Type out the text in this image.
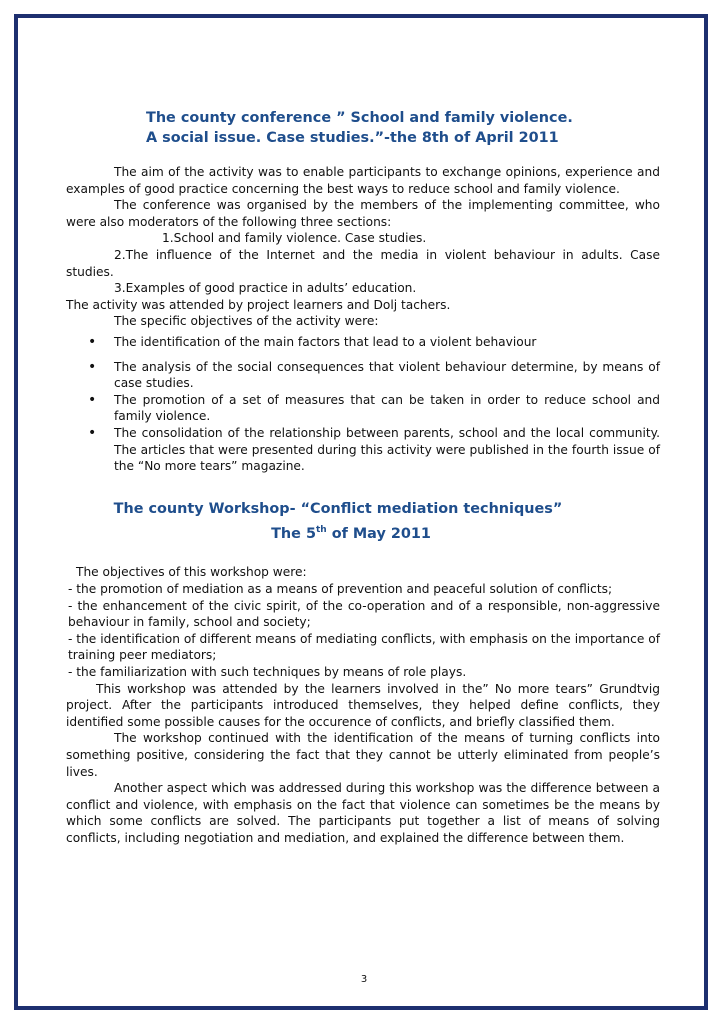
The county conference ” School and family violence.
A social issue. Case studies.”-the 8th of April 2011

The aim of the activity was to enable participants to exchange opinions, experience and examples of good practice concerning the best ways to reduce school and family violence.

The conference was organised by the members of the implementing committee, who were also moderators of the following three sections:

1.School and family violence. Case studies.

2.The influence of the Internet and the media in violent behaviour in adults. Case studies.

3.Examples of good practice in adults’ education.

The activity was attended by project learners and Dolj tachers.

The specific objectives of the activity were:

• The identification of the main factors that lead to a violent behaviour
• The analysis of the social consequences that violent behaviour determine, by means of case studies.
• The promotion of a set of measures that can be taken in order to reduce school and family violence.
• The consolidation of the relationship between parents, school and the local community. The articles that were presented during this activity were published in the fourth issue of the “No more tears” magazine.
The county Workshop- “Conflict mediation techniques”
The 5th of May 2011

The objectives of this workshop were:

- the promotion of mediation as a means of prevention and peaceful solution of conflicts;

- the enhancement of the civic spirit, of the co-operation and of a responsible, non-aggressive behaviour in family, school and society;

- the identification of different means of mediating conflicts, with emphasis on the importance of training peer mediators;

- the familiarization with such techniques by means of role plays.

This workshop was attended by the learners involved in the” No more tears” Grundtvig project. After the participants introduced themselves, they helped define conflicts, they identified some possible causes for the occurence of conflicts, and briefly classified them.

The workshop continued with the identification of the means of turning conflicts into something positive, considering the fact that they cannot be utterly eliminated from people’s lives.

Another aspect which was addressed during this workshop was the difference between a conflict and violence, with emphasis on the fact that violence can sometimes be the means by which some conflicts are solved. The participants put together a list of means of solving conflicts, including negotiation and mediation, and explained the difference between them.

3
